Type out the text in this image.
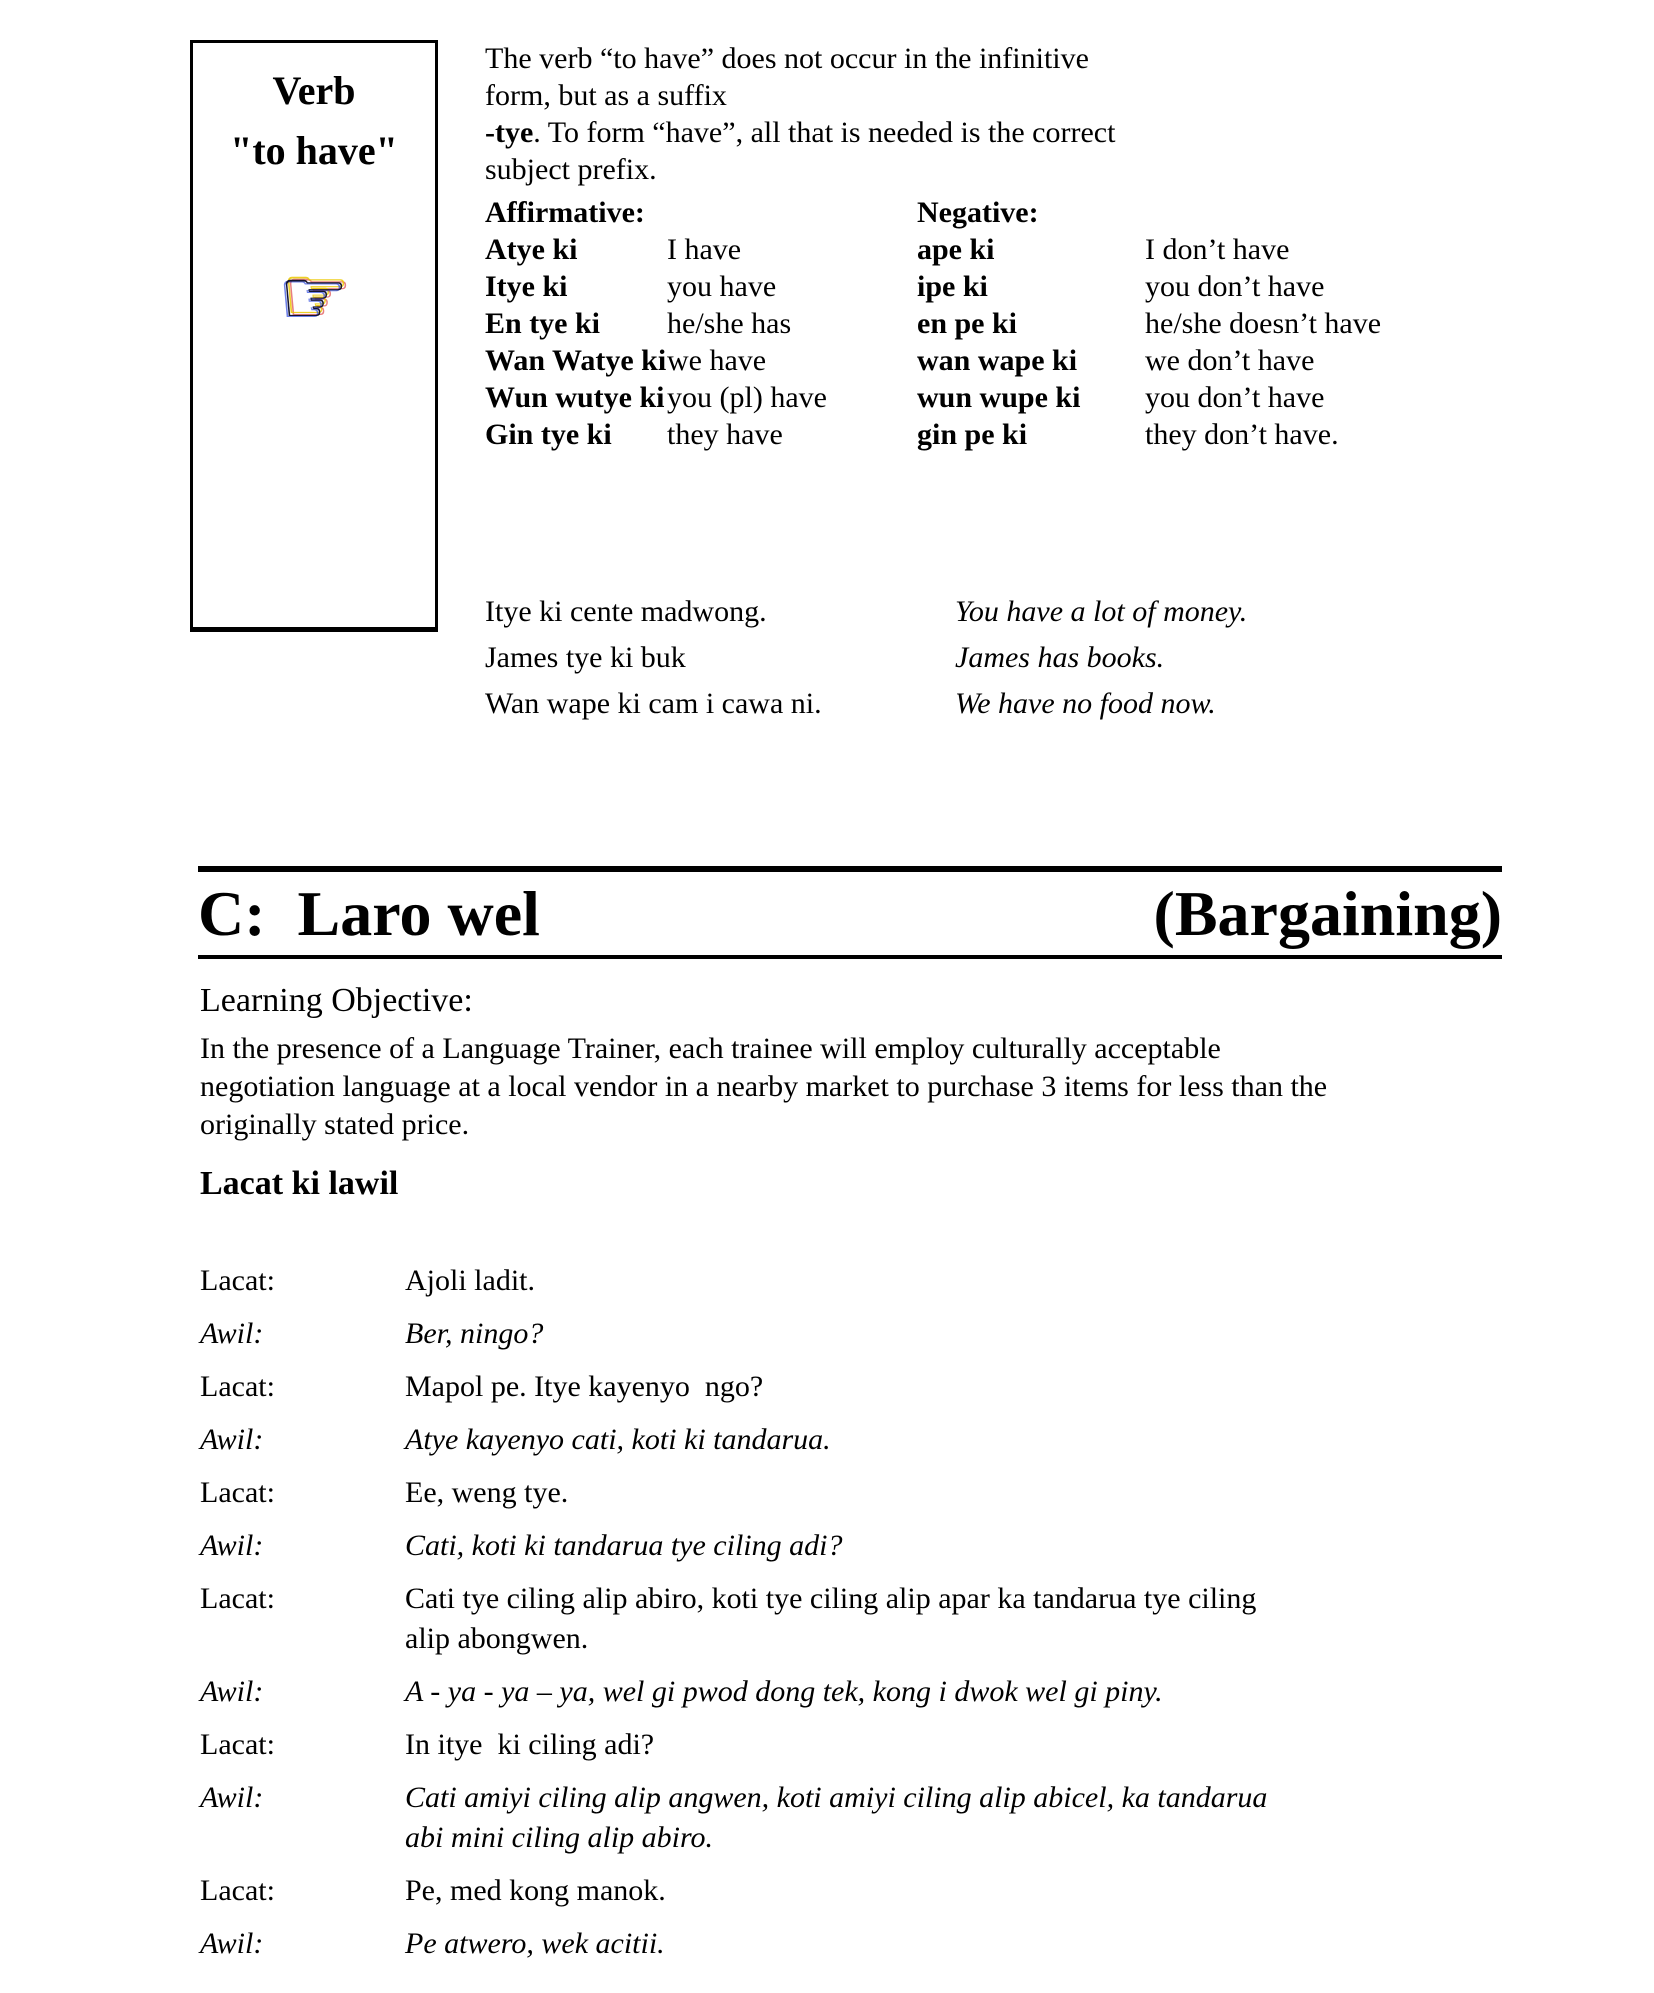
Verb
"to have"
☞
The verb “to have” does not occur in the infinitive form, but as a suffix
-tye. To form “have”, all that is needed is the correct subject prefix.
Affirmative:	Negative:
Atye ki	I have	ape ki	I don’t have
Itye ki	you have	ipe ki	you don’t have
En tye ki	he/she has	en pe ki	he/she doesn’t have
Wan Watye ki we have	wan wape ki	we don’t have
Wun wutye ki you (pl) have	wun wupe ki	you don’t have
Gin tye ki	they have	gin pe ki	they don’t have.
Itye ki cente madwong.	You have a lot of money.
James tye ki buk	James has books.
Wan wape ki cam i cawa ni.	We have no food now.
C:  Laro wel	(Bargaining)
Learning Objective:
In the presence of a Language Trainer, each trainee will employ culturally acceptable
negotiation language at a local vendor in a nearby market to purchase 3 items for less than the
originally stated price.
Lacat ki lawil
Lacat:	Ajoli ladit.
Awil:	Ber, ningo?
Lacat:	Mapol pe. Itye kayenyo  ngo?
Awil:	Atye kayenyo cati, koti ki tandarua.
Lacat:	Ee, weng tye.
Awil:	Cati, koti ki tandarua tye ciling adi?
Lacat:	Cati tye ciling alip abiro, koti tye ciling alip apar ka tandarua tye ciling
alip abongwen.
Awil:	A - ya - ya – ya, wel gi pwod dong tek, kong i dwok wel gi piny.
Lacat:	In itye  ki ciling adi?
Awil:	Cati amiyi ciling alip angwen, koti amiyi ciling alip abicel, ka tandarua
abi mini ciling alip abiro.
Lacat:	Pe, med kong manok.
Awil:	Pe atwero, wek acitii.
